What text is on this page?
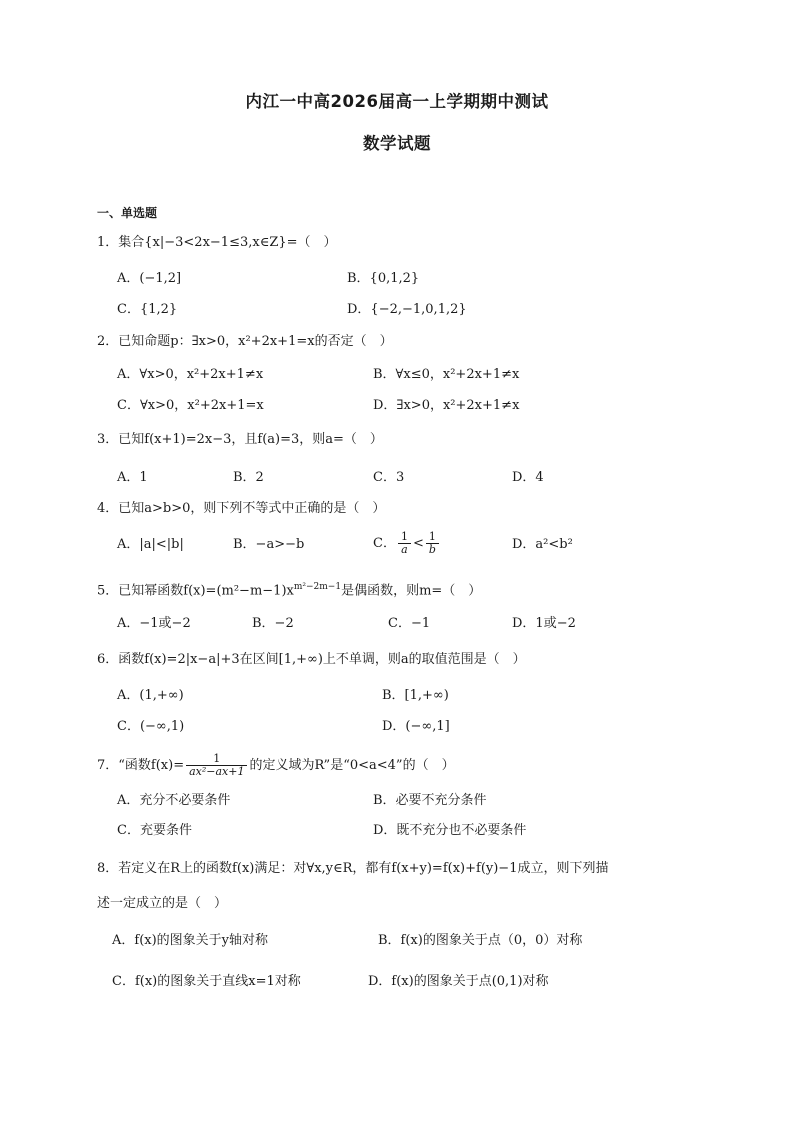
内江一中高2026届高一上学期期中测试
数学试题
一、单选题
1．集合{x|−3<2x−1≤3,x∈Z}=（　）
A．(−1,2]	B．{0,1,2}
C．{1,2}	D．{−2,−1,0,1,2}
2．已知命题p：∃x>0，x²+2x+1=x的否定（　）
A．∀x>0，x²+2x+1≠x	B．∀x≤0，x²+2x+1≠x
C．∀x>0，x²+2x+1=x	D．∃x>0，x²+2x+1≠x
3．已知f(x+1)=2x−3，且f(a)=3，则a=（　）
A．1	B．2	C．3	D．4
4．已知a>b>0，则下列不等式中正确的是（　）
A．|a|<|b|	B．−a>−b	C． $\frac{1}{a} < \frac{1}{b}$	D．a²<b²
5．已知幂函数$f(x)=(m^2-m-1)x^{m^2-2m-1}$是偶函数，则m=（　）
A．−1或−2	B．−2	C．−1	D．1或−2
6．函数f(x)=2|x−a|+3在区间[1,+∞)上不单调，则a的取值范围是（　）
A．(1,+∞)	B．[1,+∞)
C．(−∞,1)	D．(−∞,1]
7．“函数$f(x)= \frac{1}{\text{ax²−ax+1}}$ 的定义域为R”是“0<a<4”的（　）
A．充分不必要条件	B．必要不充分条件
C．充要条件	D．既不充分也不必要条件
8．若定义在R上的函数f(x)满足：对∀x,y∈R，都有f(x+y)=f(x)+f(y)−1成立，则下列描
述一定成立的是（　）
A．f(x)的图象关于y轴对称	B．f(x)的图象关于点（0，0）对称
C．f(x)的图象关于直线x=1对称	D．f(x)的图象关于点(0,1)对称
